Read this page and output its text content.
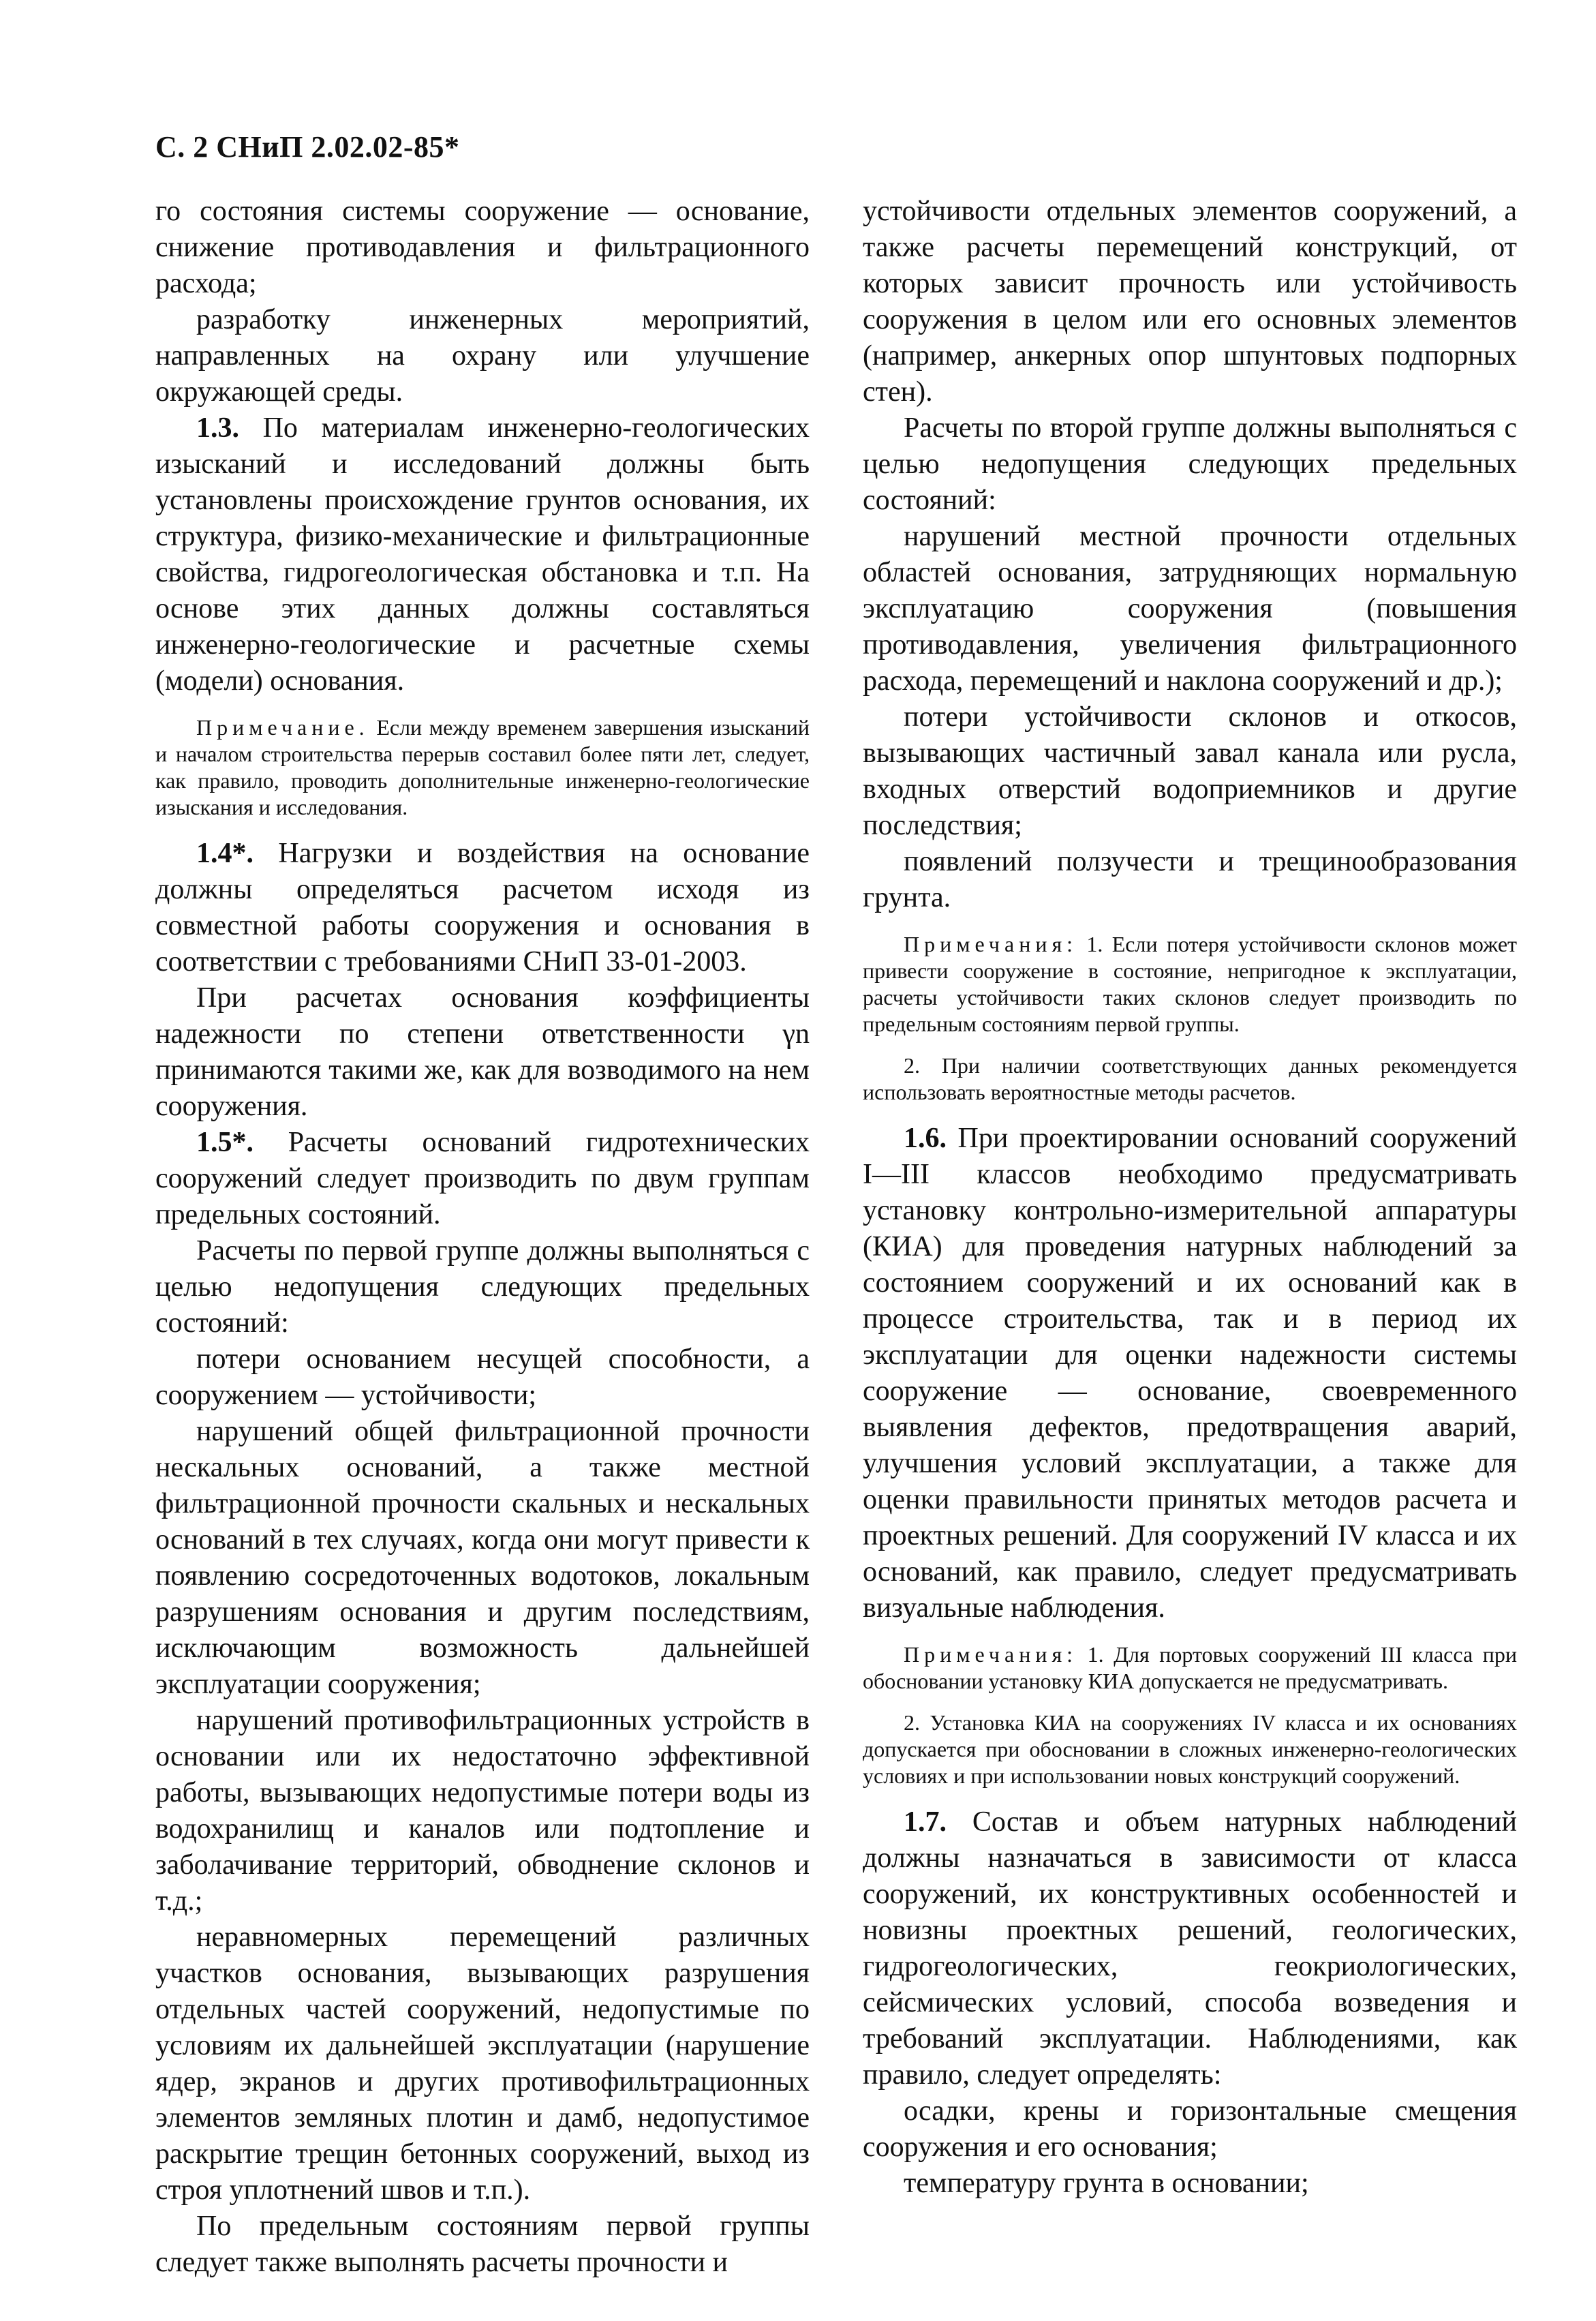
С. 2 СНиП 2.02.02-85*

го состояния системы сооружение — основание, снижение противодавления и фильтрационного расхода;

разработку инженерных мероприятий, направленных на охрану или улучшение окружающей среды.

1.3. По материалам инженерно-геологических изысканий и исследований должны быть установлены происхождение грунтов основания, их структура, физико-механические и фильтрационные свойства, гидрогеологическая обстановка и т.п. На основе этих данных должны составляться инженерно-геологические и расчетные схемы (модели) основания.

Примечание. Если между временем завершения изысканий и началом строительства перерыв составил более пяти лет, следует, как правило, проводить дополнительные инженерно-геологические изыскания и исследования.

1.4*. Нагрузки и воздействия на основание должны определяться расчетом исходя из совместной работы сооружения и основания в соответствии с требованиями СНиП 33-01-2003.

При расчетах основания коэффициенты надежности по степени ответственности γn принимаются такими же, как для возводимого на нем сооружения.

1.5*. Расчеты оснований гидротехнических сооружений следует производить по двум группам предельных состояний.

Расчеты по первой группе должны выполняться с целью недопущения следующих предельных состояний:

потери основанием несущей способности, а сооружением — устойчивости;

нарушений общей фильтрационной прочности нескальных оснований, а также местной фильтрационной прочности скальных и нескальных оснований в тех случаях, когда они могут привести к появлению сосредоточенных водотоков, локальным разрушениям основания и другим последствиям, исключающим возможность дальнейшей эксплуатации сооружения;

нарушений противофильтрационных устройств в основании или их недостаточно эффективной работы, вызывающих недопустимые потери воды из водохранилищ и каналов или подтопление и заболачивание территорий, обводнение склонов и т.д.;

неравномерных перемещений различных участков основания, вызывающих разрушения отдельных частей сооружений, недопустимые по условиям их дальнейшей эксплуатации (нарушение ядер, экранов и других противофильтрационных элементов земляных плотин и дамб, недопустимое раскрытие трещин бетонных сооружений, выход из строя уплотнений швов и т.п.).

По предельным состояниям первой группы следует также выполнять расчеты прочности и

устойчивости отдельных элементов сооружений, а также расчеты перемещений конструкций, от которых зависит прочность или устойчивость сооружения в целом или его основных элементов (например, анкерных опор шпунтовых подпорных стен).

Расчеты по второй группе должны выполняться с целью недопущения следующих предельных состояний:

нарушений местной прочности отдельных областей основания, затрудняющих нормальную эксплуатацию сооружения (повышения противодавления, увеличения фильтрационного расхода, перемещений и наклона сооружений и др.);

потери устойчивости склонов и откосов, вызывающих частичный завал канала или русла, входных отверстий водоприемников и другие последствия;

появлений ползучести и трещинообразования грунта.

Примечания: 1. Если потеря устойчивости склонов может привести сооружение в состояние, непригодное к эксплуатации, расчеты устойчивости таких склонов следует производить по предельным состояниям первой группы.

2. При наличии соответствующих данных рекомендуется использовать вероятностные методы расчетов.

1.6. При проектировании оснований сооружений I—III классов необходимо предусматривать установку контрольно-измерительной аппаратуры (КИА) для проведения натурных наблюдений за состоянием сооружений и их оснований как в процессе строительства, так и в период их эксплуатации для оценки надежности системы сооружение — основание, своевременного выявления дефектов, предотвращения аварий, улучшения условий эксплуатации, а также для оценки правильности принятых методов расчета и проектных решений. Для сооружений IV класса и их оснований, как правило, следует предусматривать визуальные наблюдения.

Примечания: 1. Для портовых сооружений III класса при обосновании установку КИА допускается не предусматривать.

2. Установка КИА на сооружениях IV класса и их основаниях допускается при обосновании в сложных инженерно-геологических условиях и при использовании новых конструкций сооружений.

1.7. Состав и объем натурных наблюдений должны назначаться в зависимости от класса сооружений, их конструктивных особенностей и новизны проектных решений, геологических, гидрогеологических, геокриологических, сейсмических условий, способа возведения и требований эксплуатации. Наблюдениями, как правило, следует определять:

осадки, крены и горизонтальные смещения сооружения и его основания;

температуру грунта в основании;
